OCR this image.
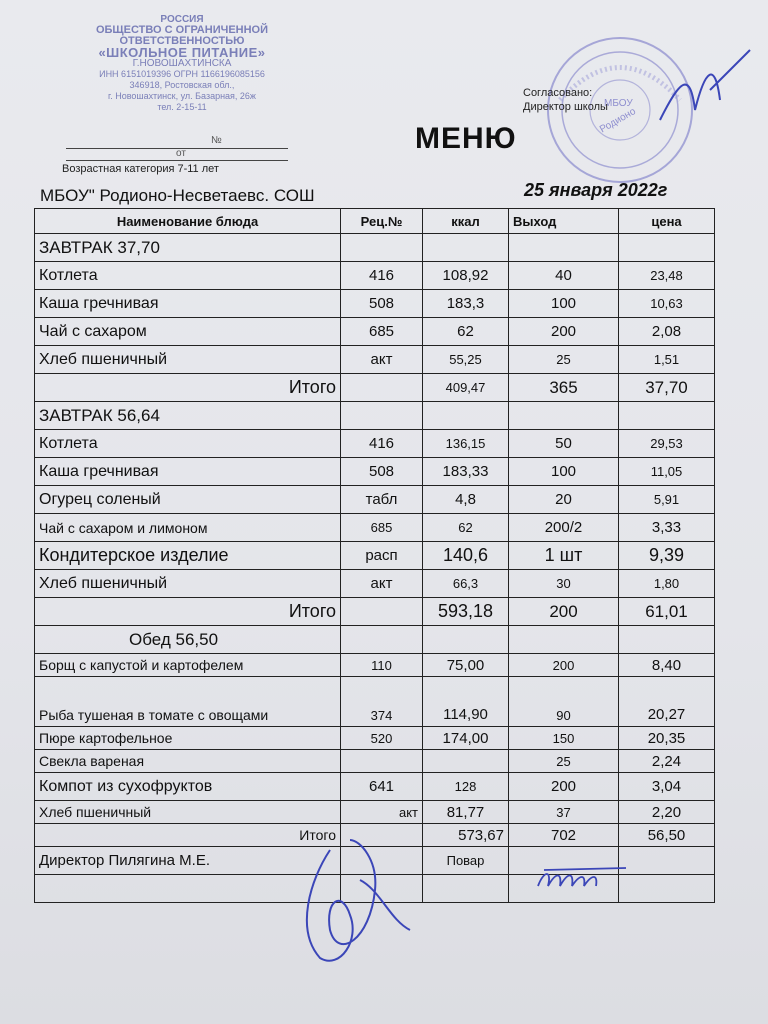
РОССИЯ
ОБЩЕСТВО С ОГРАНИЧЕННОЙ
ОТВЕТСТВЕННОСТЬЮ
«ШКОЛЬНОЕ ПИТАНИЕ»
Г.НОВОШАХТИНСКА
ИНН 6151019396 ОГРН 1166196085156
346918, Ростовская обл.,
г. Новошахтинск, ул. Базарная, 26ж
тел. 2-15-11
№
от
Возрастная категория 7-11 лет
МБОУ
Родионо
Согласовано:
Директор школы
МЕНЮ
МБОУ" Родионо-Несветаевс. СОШ	25 января 2022г
Наименование блюда	Рец.№	ккал	Выход	цена
ЗАВТРАК 37,70				
Котлета	416	108,92	40	23,48
Каша гречнивая	508	183,3	100	10,63
Чай с сахаром	685	62	200	2,08
Хлеб пшеничный	акт	55,25	25	1,51
Итого		409,47	365	37,70
ЗАВТРАК 56,64				
Котлета	416	136,15	50	29,53
Каша гречнивая	508	183,33	100	11,05
Огурец соленый	табл	4,8	20	5,91
Чай с сахаром и лимоном	685	62	200/2	3,33
Кондитерское изделие	расп	140,6	1 шт	9,39
Хлеб пшеничный	акт	66,3	30	1,80
Итого		593,18	200	61,01
Обед 56,50				
Борщ с капустой и картофелем	110	75,00	200	8,40
Рыба тушеная в томате с овощами	374	114,90	90	20,27
Пюре картофельное	520	174,00	150	20,35
Свекла вареная			25	2,24
Компот из сухофруктов	641	128	200	3,04
Хлеб пшеничный	акт	81,77	37	2,20
Итого		573,67	702	56,50
Директор Пилягина М.Е.		Повар		
